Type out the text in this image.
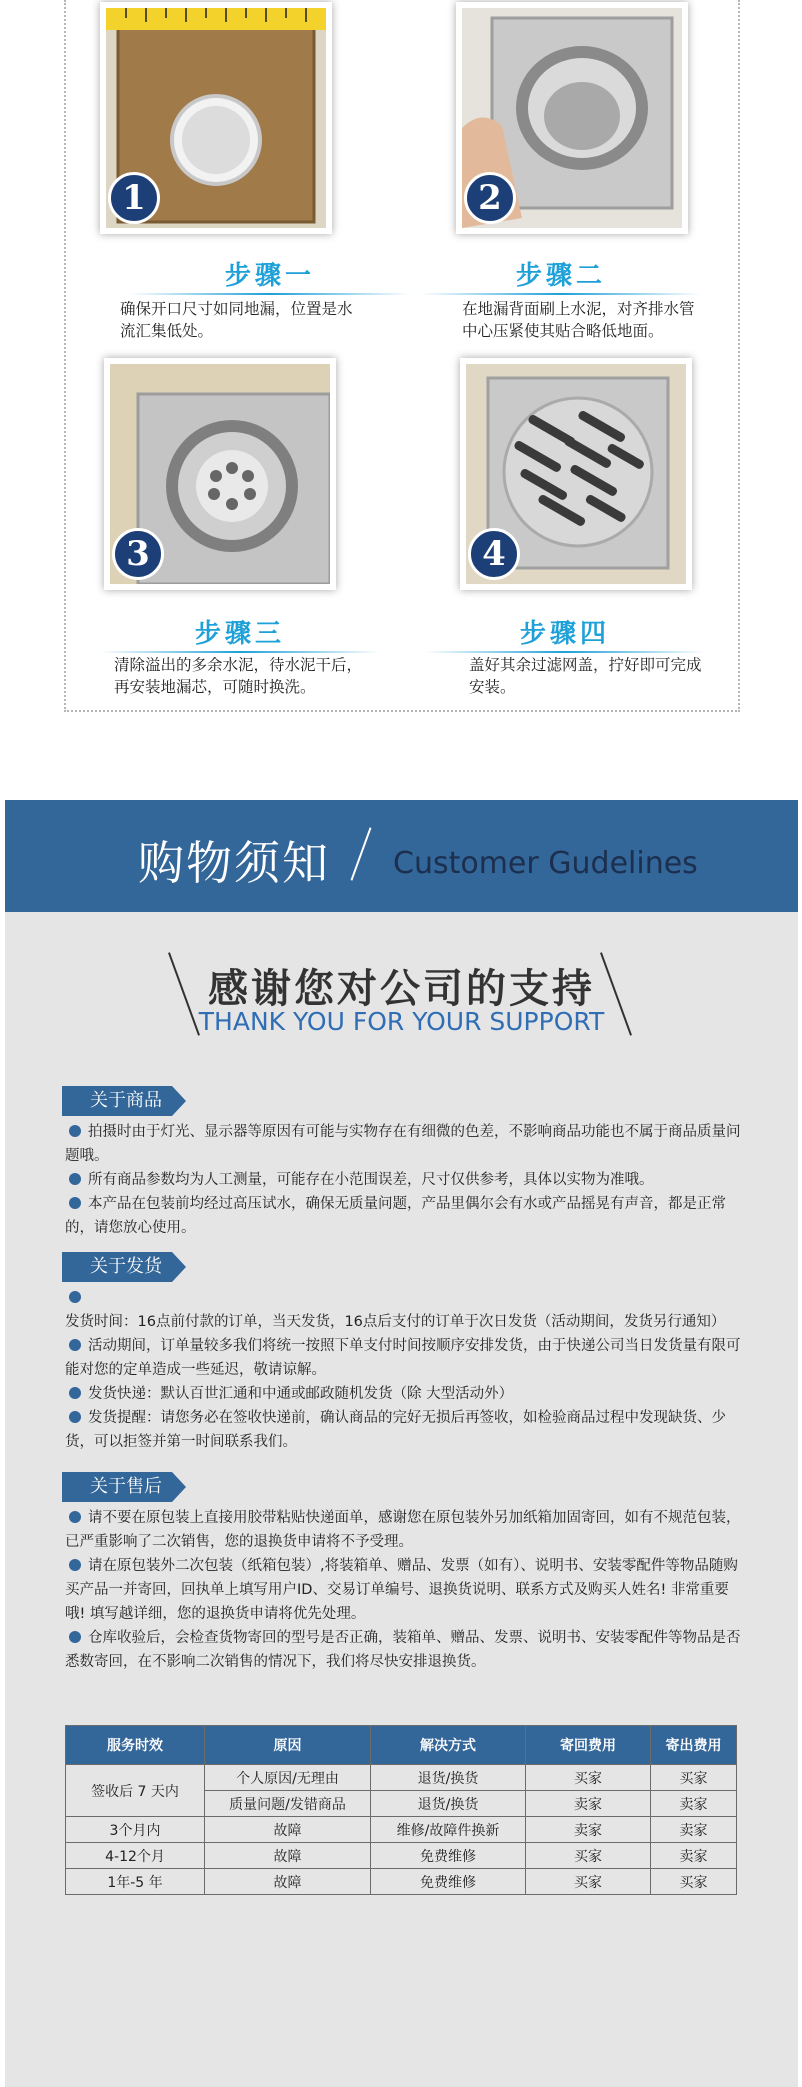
1
步骤一
确保开口尺寸如同地漏，位置是水流汇集低处。
2
步骤二
在地漏背面刷上水泥，对齐排水管中心压紧使其贴合略低地面。
3
步骤三
清除溢出的多余水泥，待水泥干后，再安装地漏芯，可随时换洗。
4
步骤四
盖好其余过滤网盖，拧好即可完成安装。
购物须知 Customer Gudelines
感谢您对公司的支持
THANK YOU FOR YOUR SUPPORT
关于商品
拍摄时由于灯光、显示器等原因有可能与实物存在有细微的色差，不影响商品功能也不属于商品质量问题哦。
所有商品参数均为人工测量，可能存在小范围误差，尺寸仅供参考，具体以实物为准哦。
本产品在包装前均经过高压试水，确保无质量问题，产品里偶尔会有水或产品摇晃有声音，都是正常的，请您放心使用。
关于发货
发货时间：16点前付款的订单，当天发货，16点后支付的订单于次日发货（活动期间，发货另行通知）
活动期间，订单量较多我们将统一按照下单支付时间按顺序安排发货，由于快递公司当日发货量有限可能对您的定单造成一些延迟，敬请谅解。
发货快递：默认百世汇通和中通或邮政随机发货（除 大型活动外）
发货提醒：请您务必在签收快递前，确认商品的完好无损后再签收，如检验商品过程中发现缺货、少货，可以拒签并第一时间联系我们。
关于售后
请不要在原包装上直接用胶带粘贴快递面单，感谢您在原包装外另加纸箱加固寄回，如有不规范包装，已严重影响了二次销售，您的退换货申请将不予受理。
请在原包装外二次包装（纸箱包装）,将装箱单、赠品、发票（如有）、说明书、安装零配件等物品随购买产品一并寄回，回执单上填写用户ID、交易订单编号、退换货说明、联系方式及购买人姓名! 非常重要哦! 填写越详细，您的退换货申请将优先处理。
仓库收验后，会检查货物寄回的型号是否正确，装箱单、赠品、发票、说明书、安装零配件等物品是否悉数寄回，在不影响二次销售的情况下，我们将尽快安排退换货。
服务时效	原因	解决方式	寄回费用	寄出费用
签收后 7 天内	个人原因/无理由	退货/换货	买家	买家
	质量问题/发错商品	退货/换货	卖家	卖家
3个月内	故障	维修/故障件换新	卖家	卖家
4-12个月	故障	免费维修	买家	卖家
1年-5 年	故障	免费维修	买家	买家
